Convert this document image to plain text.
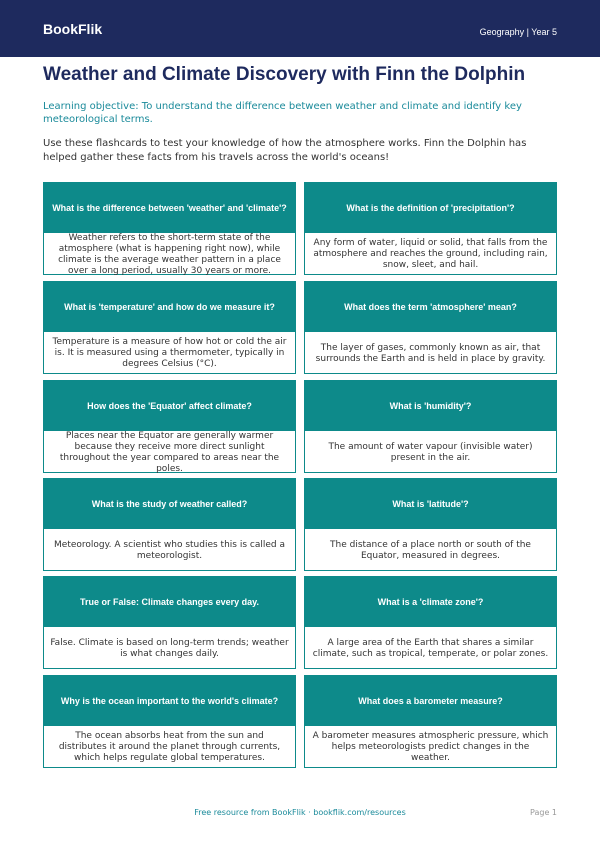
BookFlik	Geography | Year 5
Weather and Climate Discovery with Finn the Dolphin
Learning objective: To understand the difference between weather and climate and identify key meteorological terms.
Use these flashcards to test your knowledge of how the atmosphere works. Finn the Dolphin has helped gather these facts from his travels across the world's oceans!
What is the difference between 'weather' and 'climate'?
Weather refers to the short-term state of the atmosphere (what is happening right now), while climate is the average weather pattern in a place over a long period, usually 30 years or more.
What is the definition of 'precipitation'?
Any form of water, liquid or solid, that falls from the atmosphere and reaches the ground, including rain, snow, sleet, and hail.
What is 'temperature' and how do we measure it?
Temperature is a measure of how hot or cold the air is. It is measured using a thermometer, typically in degrees Celsius (°C).
What does the term 'atmosphere' mean?
The layer of gases, commonly known as air, that surrounds the Earth and is held in place by gravity.
How does the 'Equator' affect climate?
Places near the Equator are generally warmer because they receive more direct sunlight throughout the year compared to areas near the poles.
What is 'humidity'?
The amount of water vapour (invisible water) present in the air.
What is the study of weather called?
Meteorology. A scientist who studies this is called a meteorologist.
What is 'latitude'?
The distance of a place north or south of the Equator, measured in degrees.
True or False: Climate changes every day.
False. Climate is based on long-term trends; weather is what changes daily.
What is a 'climate zone'?
A large area of the Earth that shares a similar climate, such as tropical, temperate, or polar zones.
Why is the ocean important to the world's climate?
The ocean absorbs heat from the sun and distributes it around the planet through currents, which helps regulate global temperatures.
What does a barometer measure?
A barometer measures atmospheric pressure, which helps meteorologists predict changes in the weather.
Free resource from BookFlik · bookflik.com/resources	Page 1
